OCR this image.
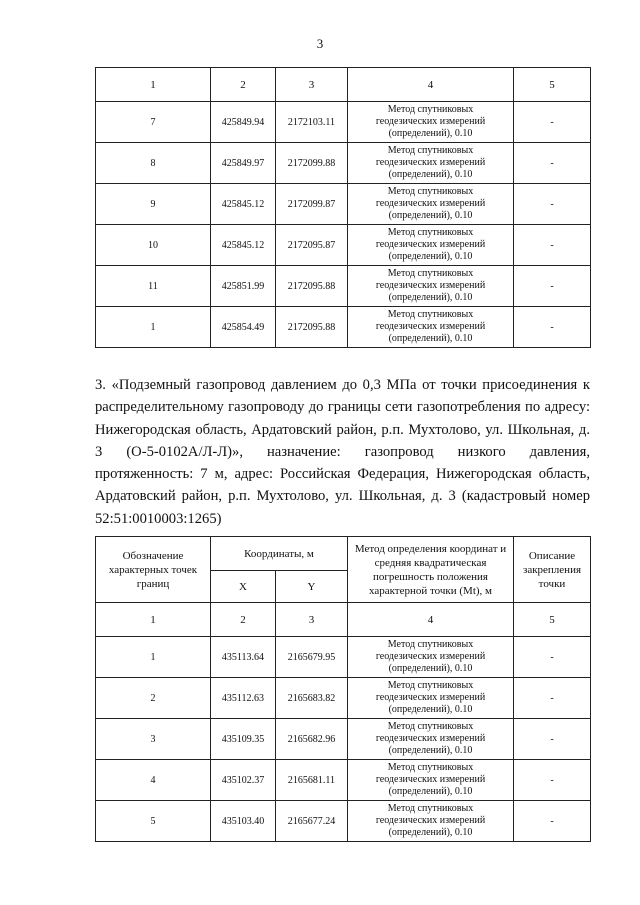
3
1	2	3	4	5
7	425849.94	2172103.11	Метод спутниковых
геодезических измерений
(определений), 0.10	-
8	425849.97	2172099.88	Метод спутниковых
геодезических измерений
(определений), 0.10	-
9	425845.12	2172099.87	Метод спутниковых
геодезических измерений
(определений), 0.10	-
10	425845.12	2172095.87	Метод спутниковых
геодезических измерений
(определений), 0.10	-
11	425851.99	2172095.88	Метод спутниковых
геодезических измерений
(определений), 0.10	-
1	425854.49	2172095.88	Метод спутниковых
геодезических измерений
(определений), 0.10	-

3. «Подземный газопровод давлением до 0,3 МПа от точки присоединения к распределительному газопроводу до границы сети газопотребления по адресу: Нижегородская область, Ардатовский район, р.п. Мухтолово, ул. Школьная, д. 3 (О-5-0102А/Л-Л)», назначение: газопровод низкого давления, протяженность: 7 м, адрес: Российская Федерация, Нижегородская область, Ардатовский район, р.п. Мухтолово, ул. Школьная, д. 3 (кадастровый номер 52:51:0010003:1265)

Обозначение характерных точек границ	Координаты, м		Метод определения координат и средняя квадратическая погрешность положения характерной точки (Mt), м	Описание закрепления точки
	X	Y		
1	2	3	4	5
1	435113.64	2165679.95	Метод спутниковых
геодезических измерений
(определений), 0.10	-
2	435112.63	2165683.82	Метод спутниковых
геодезических измерений
(определений), 0.10	-
3	435109.35	2165682.96	Метод спутниковых
геодезических измерений
(определений), 0.10	-
4	435102.37	2165681.11	Метод спутниковых
геодезических измерений
(определений), 0.10	-
5	435103.40	2165677.24	Метод спутниковых
геодезических измерений
(определений), 0.10	-
